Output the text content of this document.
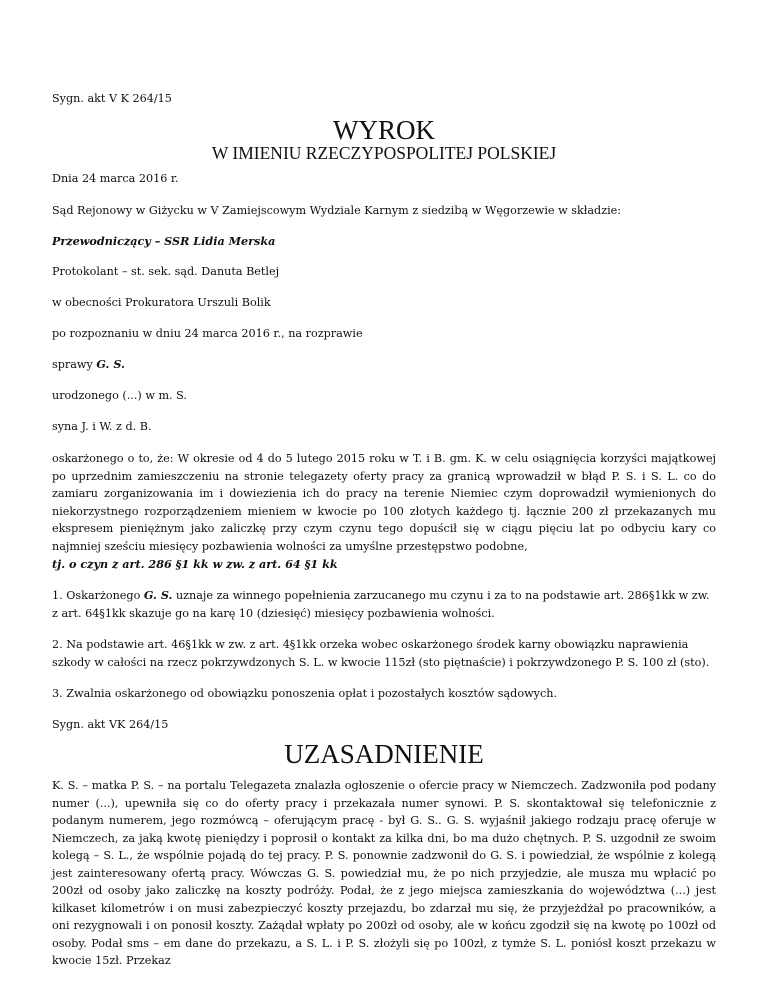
Sygn. akt V K 264/15

WYROK
W IMIENIU RZECZYPOSPOLITEJ POLSKIEJ

Dnia 24 marca 2016 r.

Sąd Rejonowy w Giżycku w V Zamiejscowym Wydziale Karnym z siedzibą w Węgorzewie w składzie:

Przewodniczący – SSR Lidia Merska

Protokolant – st. sek. sąd. Danuta Betlej

w obecności Prokuratora Urszuli Bolik

po rozpoznaniu w dniu 24 marca 2016 r., na rozprawie

sprawy G. S.

urodzonego (...) w m. S.

syna J. i W. z d. B.

oskarżonego o to, że: W okresie od 4 do 5 lutego 2015 roku w T. i B. gm. K. w celu osiągnięcia korzyści majątkowej po uprzednim zamieszczeniu na stronie telegazety oferty pracy za granicą wprowadził w błąd P. S. i S. L. co do zamiaru zorganizowania im i dowiezienia ich do pracy na terenie Niemiec czym doprowadził wymienionych do niekorzystnego rozporządzeniem mieniem w kwocie po 100 złotych każdego tj. łącznie 200 zł przekazanych mu ekspresem pieniężnym jako zaliczkę przy czym czynu tego dopuścił się w ciągu pięciu lat po odbyciu kary co najmniej sześciu miesięcy pozbawienia wolności za umyślne przestępstwo podobne,

tj. o czyn z art. 286 §1 kk w zw. z art. 64 §1 kk

1. Oskarżonego G. S. uznaje za winnego popełnienia zarzucanego mu czynu i za to na podstawie art. 286§1kk w zw. z art. 64§1kk skazuje go na karę 10 (dziesięć) miesięcy pozbawienia wolności.

2. Na podstawie art. 46§1kk w zw. z art. 4§1kk orzeka wobec oskarżonego środek karny obowiązku naprawienia szkody w całości na rzecz pokrzywdzonych S. L. w kwocie 115zł (sto piętnaście) i pokrzywdzonego P. S. 100 zł (sto).

3. Zwalnia oskarżonego od obowiązku ponoszenia opłat i pozostałych kosztów sądowych.

Sygn. akt VK 264/15

UZASADNIENIE

K. S. – matka P. S. – na portalu Telegazeta znalazła ogłoszenie o ofercie pracy w Niemczech. Zadzwoniła pod podany numer (...), upewniła się co do oferty pracy i przekazała numer synowi. P. S. skontaktował się telefonicznie z podanym numerem, jego rozmówcą – oferującym pracę - był G. S.. G. S. wyjaśnił jakiego rodzaju pracę oferuje w Niemczech, za jaką kwotę pieniędzy i poprosił o kontakt za kilka dni, bo ma dużo chętnych. P. S. uzgodnił ze swoim kolegą – S. L., że wspólnie pojadą do tej pracy. P. S. ponownie zadzwonił do G. S. i powiedział, że wspólnie z kolegą jest zainteresowany ofertą pracy. Wówczas G. S. powiedział mu, że po nich przyjedzie, ale musza mu wpłacić po 200zł od osoby jako zaliczkę na koszty podróży. Podał, że z jego miejsca zamieszkania do województwa (...) jest kilkaset kilometrów i on musi zabezpieczyć koszty przejazdu, bo zdarzał mu się, że przyjeżdżał po pracowników, a oni rezygnowali i on ponosił koszty. Zażądał wpłaty po 200zł od osoby, ale w końcu zgodził się na kwotę po 100zł od osoby. Podał sms – em dane do przekazu, a S. L. i P. S. złożyli się po 100zł, z tymże S. L. poniósł koszt przekazu w kwocie 15zł. Przekaz
